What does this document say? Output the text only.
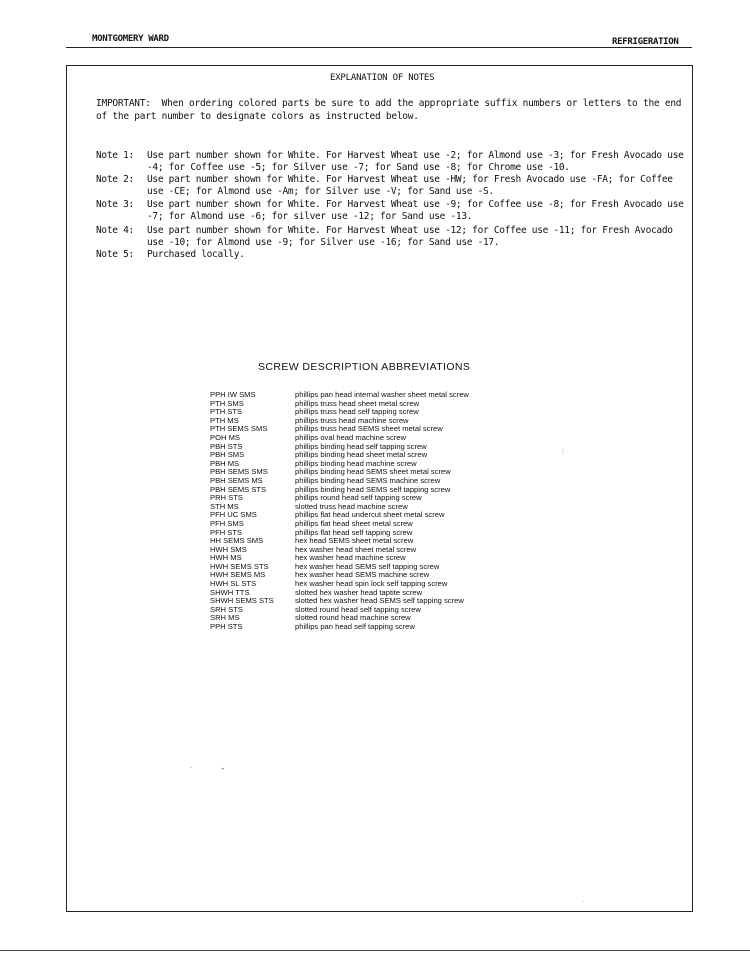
MONTGOMERY WARD	REFRIGERATION
EXPLANATION OF NOTES
IMPORTANT: When ordering colored parts be sure to add the appropriate suffix numbers or letters to the end of the part number to designate colors as instructed below.
Note 1:	Use part number shown for White. For Harvest Wheat use -2; for Almond use -3; for Fresh Avocado use -4; for Coffee use -5; for Silver use -7; for Sand use -8; for Chrome use -10.
Note 2:	Use part number shown for White. For Harvest Wheat use -HW; for Fresh Avocado use -FA; for Coffee use -CE; for Almond use -Am; for Silver use -V; for Sand use -S.
Note 3:	Use part number shown for White. For Harvest Wheat use -9; for Coffee use -8; for Fresh Avocado use -7; for Almond use -6; for silver use -12; for Sand use -13.
Note 4:	Use part number shown for White. For Harvest Wheat use -12; for Coffee use -11; for Fresh Avocado use -10; for Almond use -9; for Silver use -16; for Sand use -17.
Note 5:	Purchased locally.
SCREW DESCRIPTION ABBREVIATIONS
PPH IW SMS	phillips pan head internal washer sheet metal screw
PTH SMS	phillips truss head sheet metal screw
PTH STS	phillips truss head self tapping screw
PTH MS	phillips truss head machine screw
PTH SEMS SMS	phillips truss head SEMS sheet metal screw
POH MS	phillips oval head machine screw
PBH STS	phillips binding head self tapping screw
PBH SMS	phillips binding head sheet metal screw
PBH MS	phillips binding head machine screw
PBH SEMS SMS	phillips binding head SEMS sheet metal screw
PBH SEMS MS	phillips binding head SEMS machine screw
PBH SEMS STS	phillips binding head SEMS self tapping screw
PRH STS	phillips round head self tapping screw
STH MS	slotted truss head machine screw
PFH UC SMS	phillips flat head undercut sheet metal screw
PFH SMS	phillips flat head sheet metal screw
PFH STS	phillips flat head self tapping screw
HH SEMS SMS	hex head SEMS sheet metal screw
HWH SMS	hex washer head sheet metal screw
HWH MS	hex washer head machine screw
HWH SEMS STS	hex washer head SEMS self tapping screw
HWH SEMS MS	hex washer head SEMS machine screw
HWH SL STS	hex washer head spin lock self tapping screw
SHWH TTS	slotted hex washer head taptite screw
SHWH SEMS STS	slotted hex washer head SEMS self tapping screw
SRH STS	slotted round head self tapping screw
SRH MS	slotted round head machine screw
PPH STS	phillips pan head self tapping screw
⋮
‘	•
·
